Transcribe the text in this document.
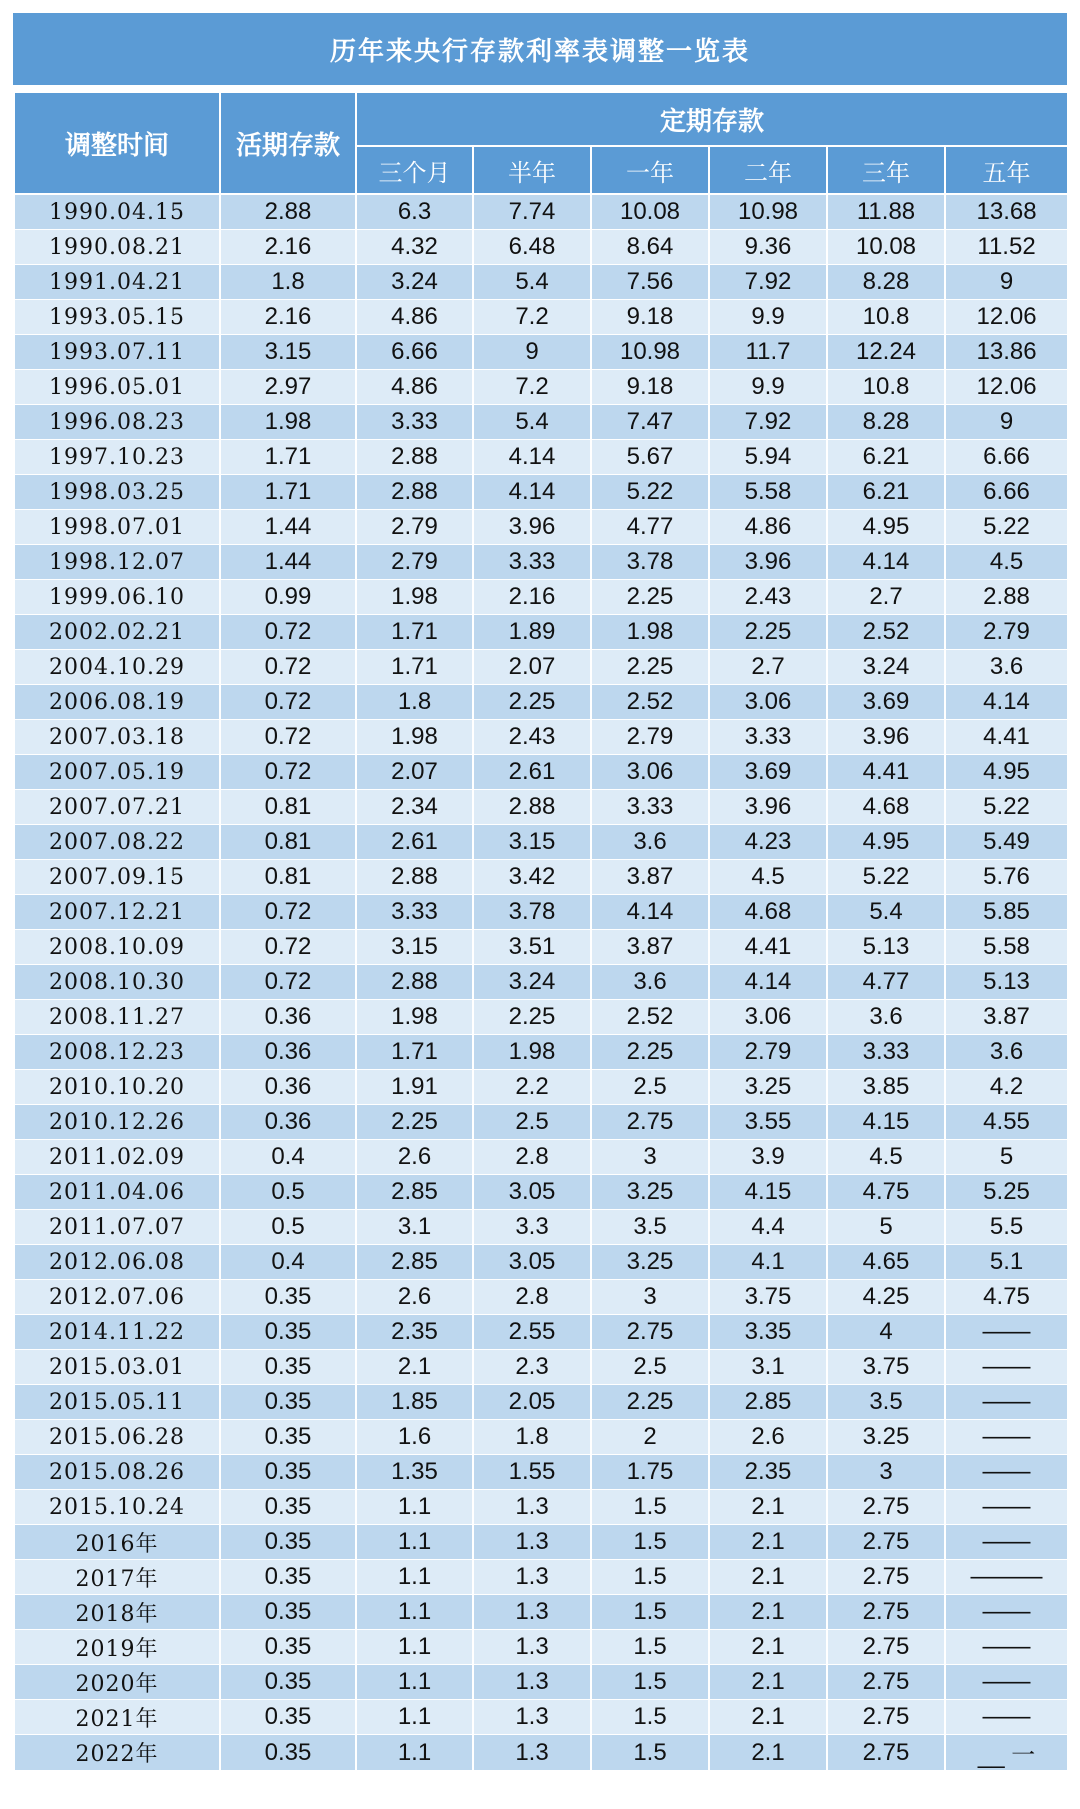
历年来央行存款利率表调整一览表
调整时间	活期存款	定期存款					
		三个月	半年	一年	二年	三年	五年
1990.04.15	2.88	6.3	7.74	10.08	10.98	11.88	13.68
1990.08.21	2.16	4.32	6.48	8.64	9.36	10.08	11.52
1991.04.21	1.8	3.24	5.4	7.56	7.92	8.28	9
1993.05.15	2.16	4.86	7.2	9.18	9.9	10.8	12.06
1993.07.11	3.15	6.66	9	10.98	11.7	12.24	13.86
1996.05.01	2.97	4.86	7.2	9.18	9.9	10.8	12.06
1996.08.23	1.98	3.33	5.4	7.47	7.92	8.28	9
1997.10.23	1.71	2.88	4.14	5.67	5.94	6.21	6.66
1998.03.25	1.71	2.88	4.14	5.22	5.58	6.21	6.66
1998.07.01	1.44	2.79	3.96	4.77	4.86	4.95	5.22
1998.12.07	1.44	2.79	3.33	3.78	3.96	4.14	4.5
1999.06.10	0.99	1.98	2.16	2.25	2.43	2.7	2.88
2002.02.21	0.72	1.71	1.89	1.98	2.25	2.52	2.79
2004.10.29	0.72	1.71	2.07	2.25	2.7	3.24	3.6
2006.08.19	0.72	1.8	2.25	2.52	3.06	3.69	4.14
2007.03.18	0.72	1.98	2.43	2.79	3.33	3.96	4.41
2007.05.19	0.72	2.07	2.61	3.06	3.69	4.41	4.95
2007.07.21	0.81	2.34	2.88	3.33	3.96	4.68	5.22
2007.08.22	0.81	2.61	3.15	3.6	4.23	4.95	5.49
2007.09.15	0.81	2.88	3.42	3.87	4.5	5.22	5.76
2007.12.21	0.72	3.33	3.78	4.14	4.68	5.4	5.85
2008.10.09	0.72	3.15	3.51	3.87	4.41	5.13	5.58
2008.10.30	0.72	2.88	3.24	3.6	4.14	4.77	5.13
2008.11.27	0.36	1.98	2.25	2.52	3.06	3.6	3.87
2008.12.23	0.36	1.71	1.98	2.25	2.79	3.33	3.6
2010.10.20	0.36	1.91	2.2	2.5	3.25	3.85	4.2
2010.12.26	0.36	2.25	2.5	2.75	3.55	4.15	4.55
2011.02.09	0.4	2.6	2.8	3	3.9	4.5	5
2011.04.06	0.5	2.85	3.05	3.25	4.15	4.75	5.25
2011.07.07	0.5	3.1	3.3	3.5	4.4	5	5.5
2012.06.08	0.4	2.85	3.05	3.25	4.1	4.65	5.1
2012.07.06	0.35	2.6	2.8	3	3.75	4.25	4.75
2014.11.22	0.35	2.35	2.55	2.75	3.35	4	——
2015.03.01	0.35	2.1	2.3	2.5	3.1	3.75	——
2015.05.11	0.35	1.85	2.05	2.25	2.85	3.5	——
2015.06.28	0.35	1.6	1.8	2	2.6	3.25	——
2015.08.26	0.35	1.35	1.55	1.75	2.35	3	——
2015.10.24	0.35	1.1	1.3	1.5	2.1	2.75	——
2016年	0.35	1.1	1.3	1.5	2.1	2.75	——
2017年	0.35	1.1	1.3	1.5	2.1	2.75	———
2018年	0.35	1.1	1.3	1.5	2.1	2.75	——
2019年	0.35	1.1	1.3	1.5	2.1	2.75	——
2020年	0.35	1.1	1.3	1.5	2.1	2.75	——
2021年	0.35	1.1	1.3	1.5	2.1	2.75	——
2022年	0.35	1.1	1.3	1.5	2.1	2.75	__ 一
